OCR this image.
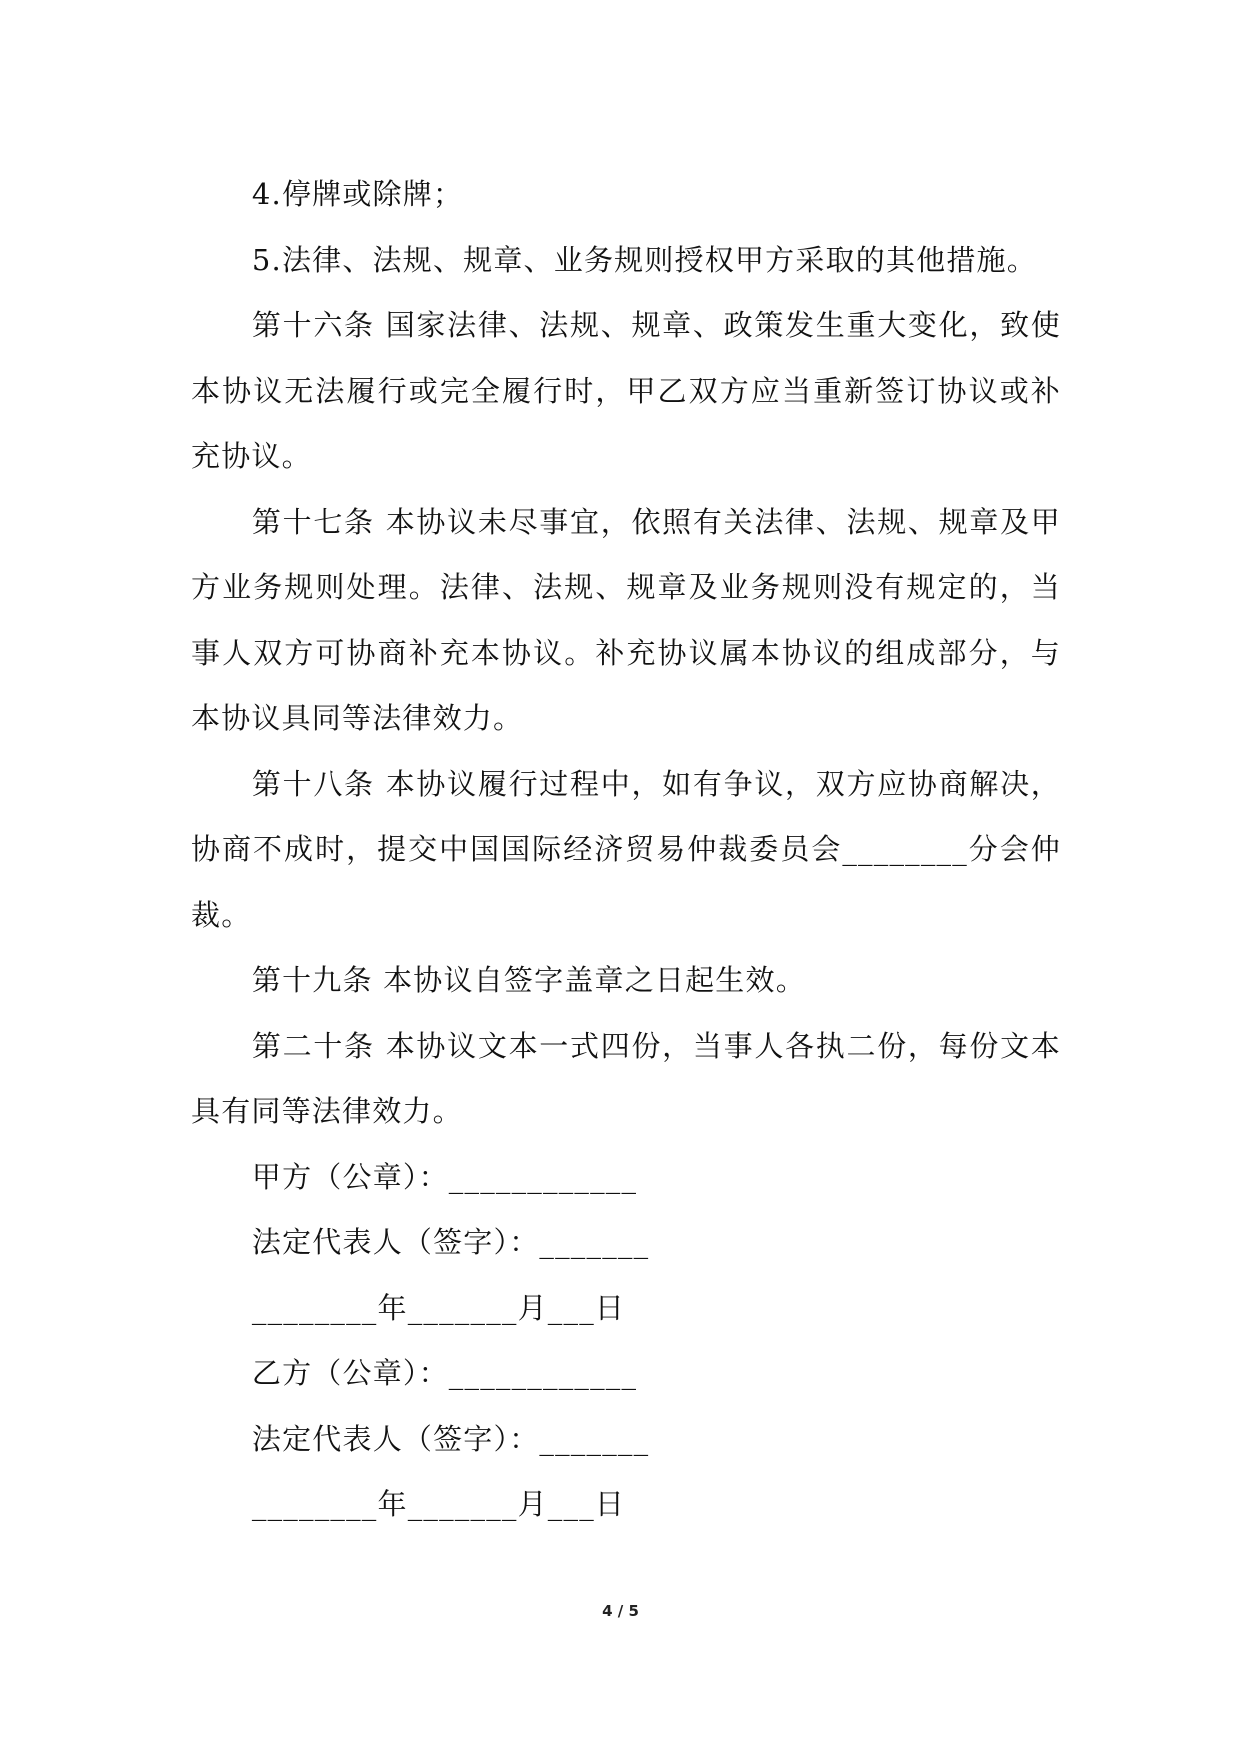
4.停牌或除牌；

5.法律、法规、规章、业务规则授权甲方采取的其他措施。

第十六条 国家法律、法规、规章、政策发生重大变化，致使本协议无法履行或完全履行时，甲乙双方应当重新签订协议或补充协议。

第十七条 本协议未尽事宜，依照有关法律、法规、规章及甲方业务规则处理。法律、法规、规章及业务规则没有规定的，当事人双方可协商补充本协议。补充协议属本协议的组成部分，与本协议具同等法律效力。

第十八条 本协议履行过程中，如有争议，双方应协商解决，协商不成时，提交中国国际经济贸易仲裁委员会________分会仲裁。

第十九条 本协议自签字盖章之日起生效。

第二十条 本协议文本一式四份，当事人各执二份，每份文本具有同等法律效力。

甲方（公章）：____________

法定代表人（签字）：_______

________年_______月___日

乙方（公章）：____________

法定代表人（签字）：_______

________年_______月___日

4 / 5
